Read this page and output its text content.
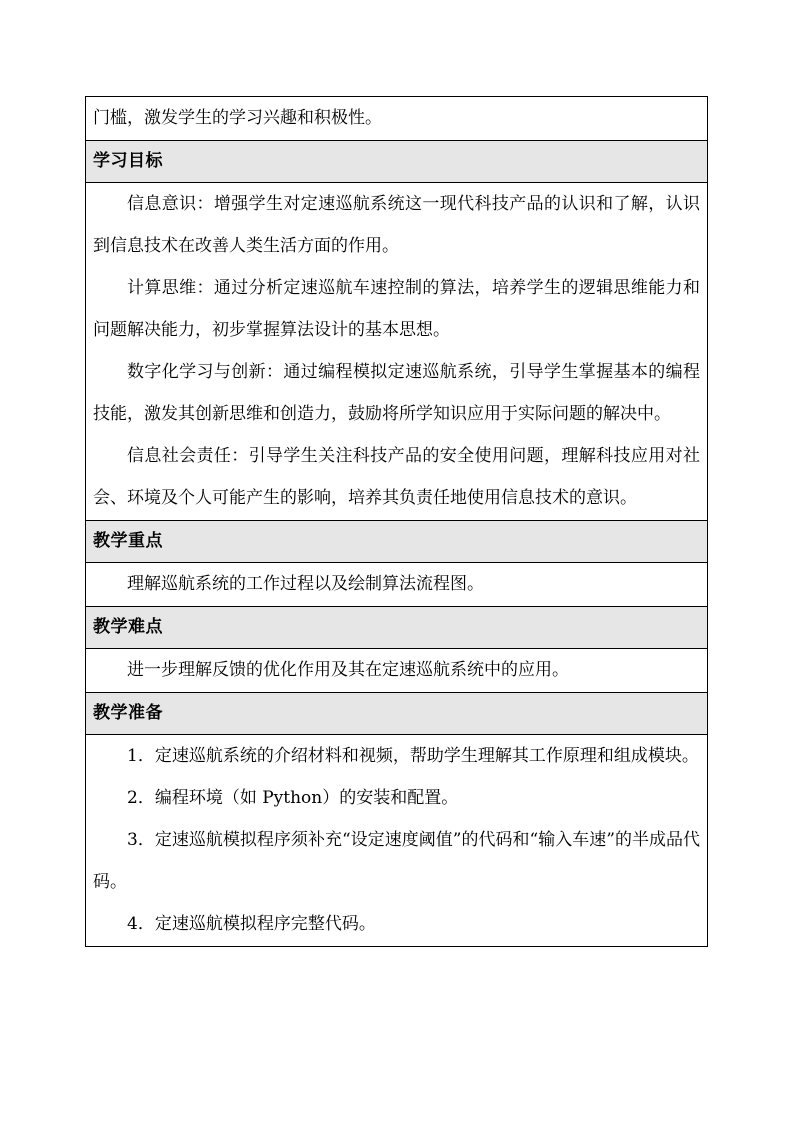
门槛，激发学生的学习兴趣和积极性。

学习目标

信息意识：增强学生对定速巡航系统这一现代科技产品的认识和了解，认识到信息技术在改善人类生活方面的作用。

计算思维：通过分析定速巡航车速控制的算法，培养学生的逻辑思维能力和问题解决能力，初步掌握算法设计的基本思想。

数字化学习与创新：通过编程模拟定速巡航系统，引导学生掌握基本的编程技能，激发其创新思维和创造力，鼓励将所学知识应用于实际问题的解决中。

信息社会责任：引导学生关注科技产品的安全使用问题，理解科技应用对社会、环境及个人可能产生的影响，培养其负责任地使用信息技术的意识。

教学重点

理解巡航系统的工作过程以及绘制算法流程图。

教学难点

进一步理解反馈的优化作用及其在定速巡航系统中的应用。

教学准备

1．定速巡航系统的介绍材料和视频，帮助学生理解其工作原理和组成模块。

2．编程环境（如 Python）的安装和配置。

3．定速巡航模拟程序须补充“设定速度阈值”的代码和“输入车速”的半成品代码。

4．定速巡航模拟程序完整代码。
